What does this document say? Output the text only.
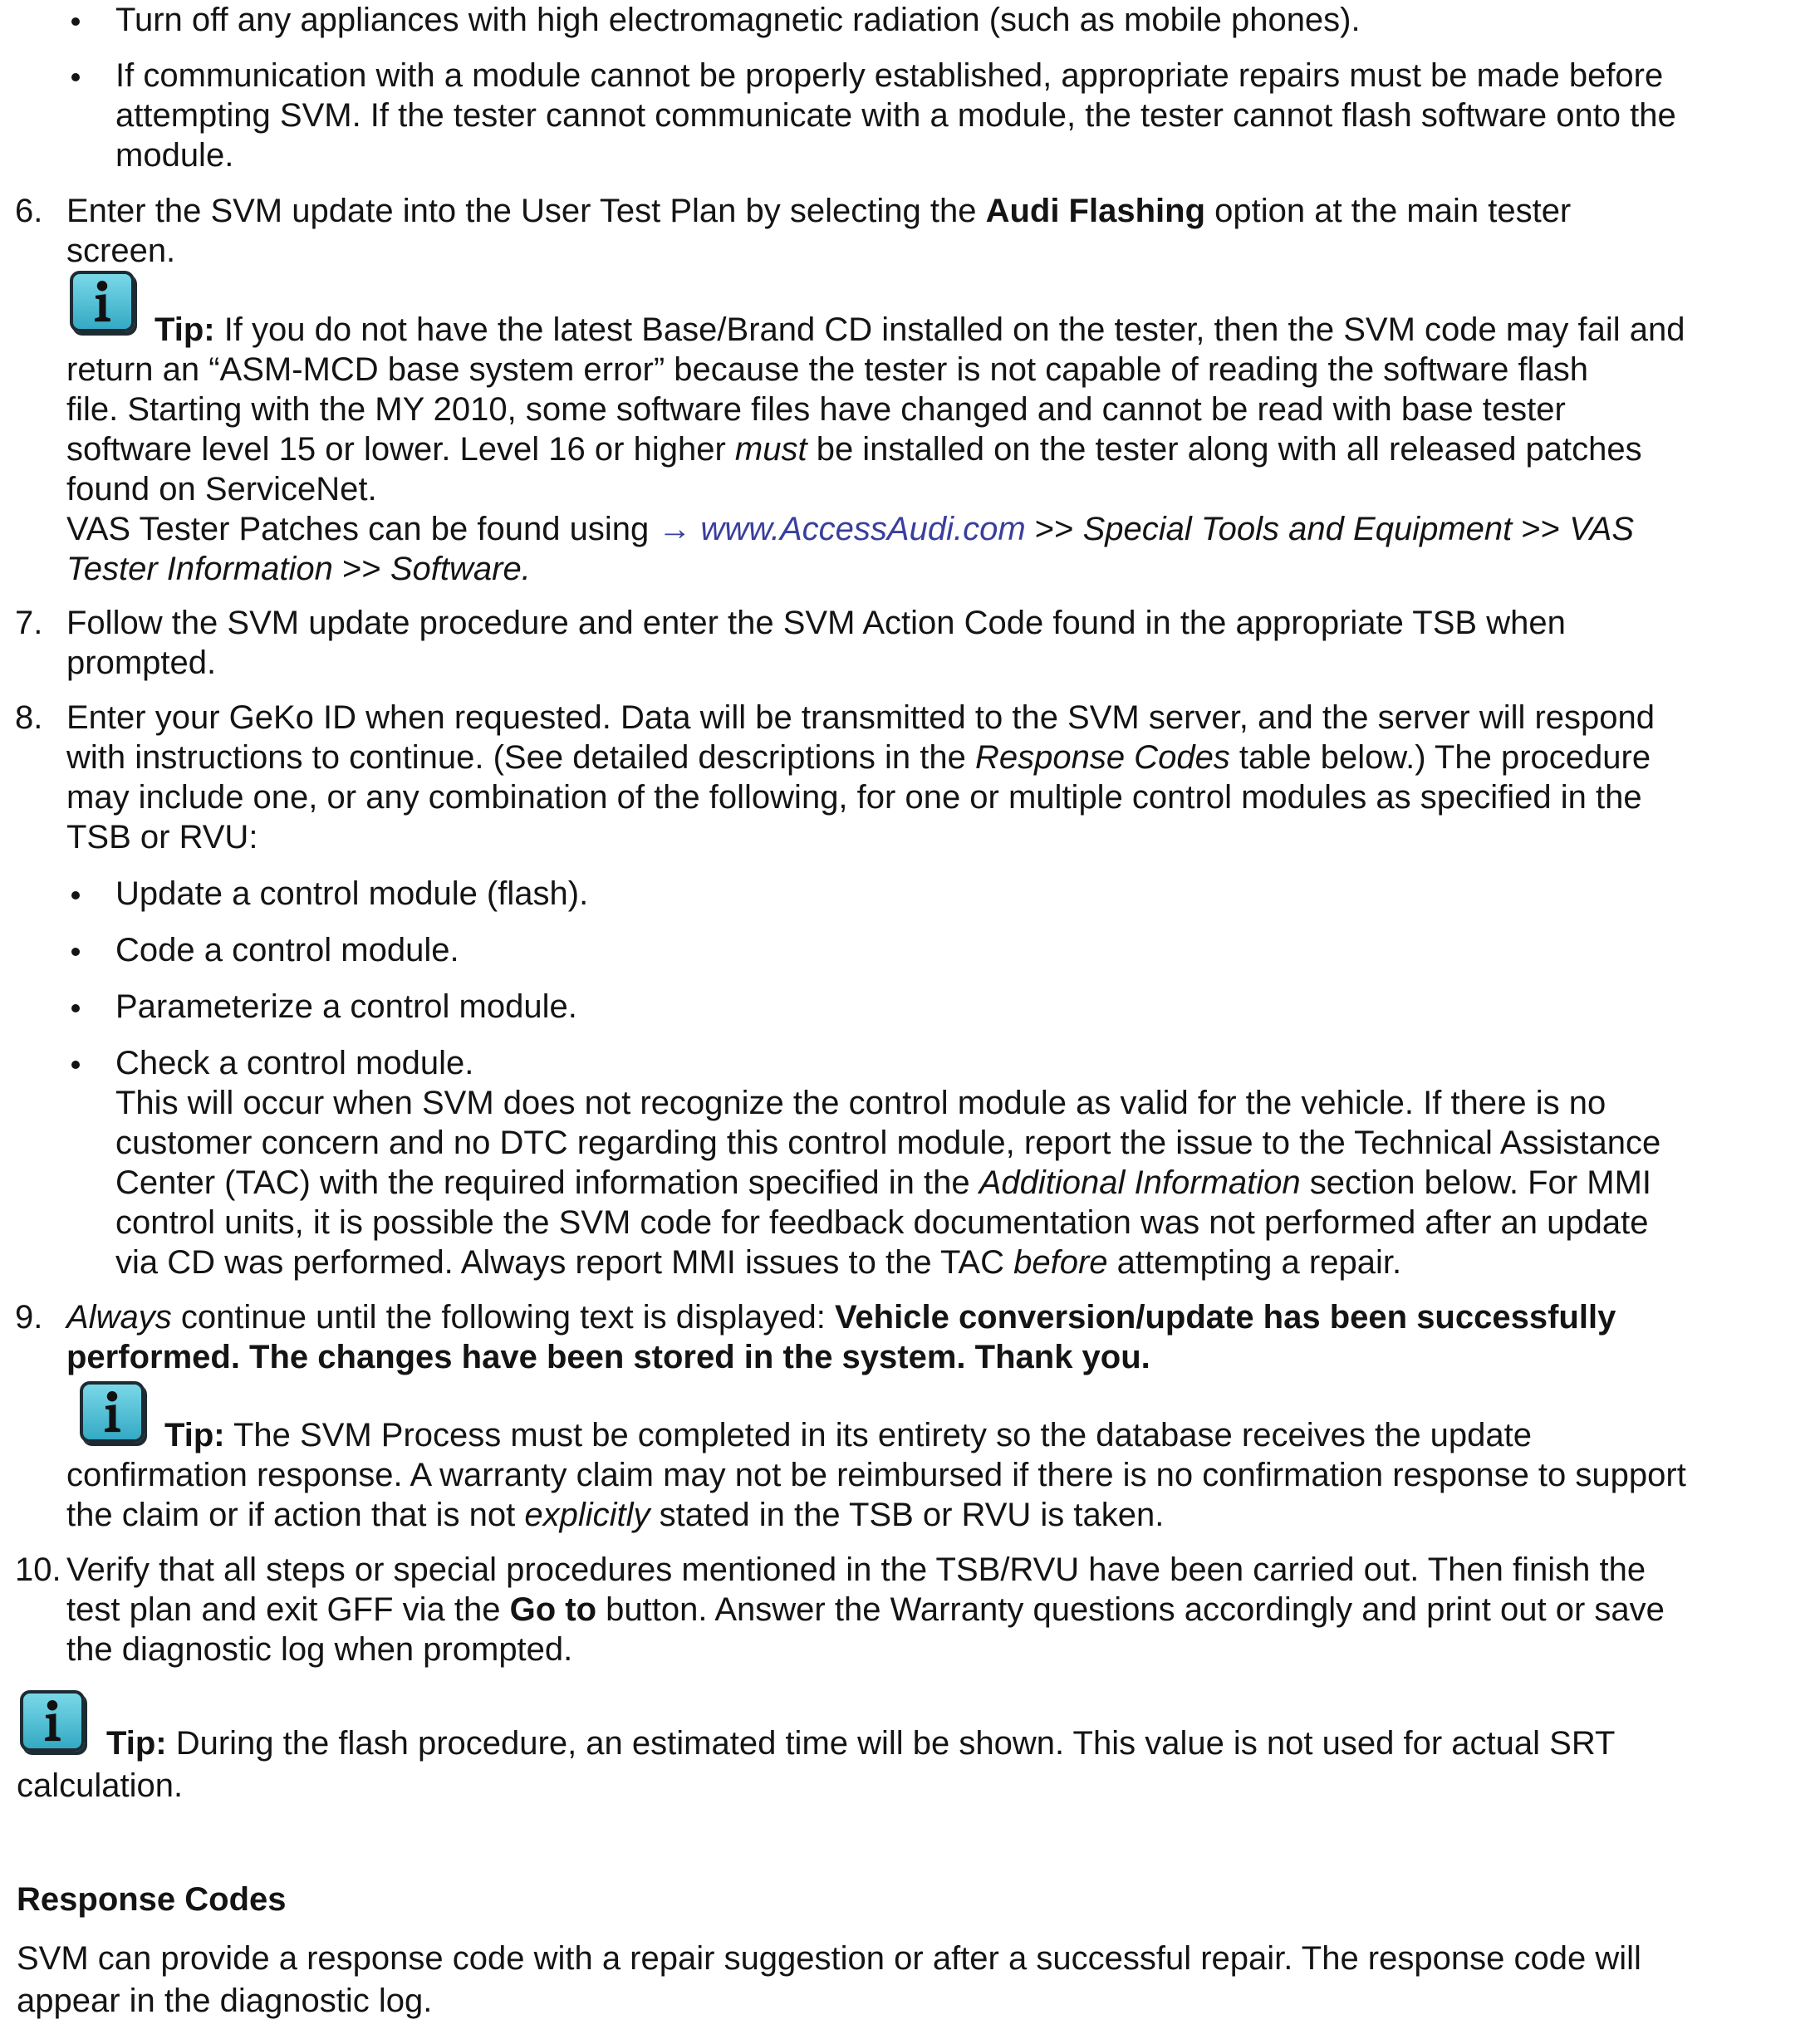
Turn off any appliances with high electromagnetic radiation (such as mobile phones).
If communication with a module cannot be properly established, appropriate repairs must be made before
attempting SVM. If the tester cannot communicate with a module, the tester cannot flash software onto the
module.
6. Enter the SVM update into the User Test Plan by selecting the Audi Flashing option at the main tester
screen.
Tip: If you do not have the latest Base/Brand CD installed on the tester, then the SVM code may fail and
return an “ASM-MCD base system error” because the tester is not capable of reading the software flash
file. Starting with the MY 2010, some software files have changed and cannot be read with base tester
software level 15 or lower. Level 16 or higher must be installed on the tester along with all released patches
found on ServiceNet.
VAS Tester Patches can be found using → www.AccessAudi.com >> Special Tools and Equipment >> VAS
Tester Information >> Software.
7. Follow the SVM update procedure and enter the SVM Action Code found in the appropriate TSB when
prompted.
8. Enter your GeKo ID when requested. Data will be transmitted to the SVM server, and the server will respond
with instructions to continue. (See detailed descriptions in the Response Codes table below.) The procedure
may include one, or any combination of the following, for one or multiple control modules as specified in the
TSB or RVU:
Update a control module (flash).
Code a control module.
Parameterize a control module.
Check a control module.
This will occur when SVM does not recognize the control module as valid for the vehicle. If there is no
customer concern and no DTC regarding this control module, report the issue to the Technical Assistance
Center (TAC) with the required information specified in the Additional Information section below. For MMI
control units, it is possible the SVM code for feedback documentation was not performed after an update
via CD was performed. Always report MMI issues to the TAC before attempting a repair.
9. Always continue until the following text is displayed: Vehicle conversion/update has been successfully
performed. The changes have been stored in the system. Thank you.
Tip: The SVM Process must be completed in its entirety so the database receives the update
confirmation response. A warranty claim may not be reimbursed if there is no confirmation response to support
the claim or if action that is not explicitly stated in the TSB or RVU is taken.
10. Verify that all steps or special procedures mentioned in the TSB/RVU have been carried out. Then finish the
test plan and exit GFF via the Go to button. Answer the Warranty questions accordingly and print out or save
the diagnostic log when prompted.
Tip: During the flash procedure, an estimated time will be shown. This value is not used for actual SRT
calculation.
Response Codes
SVM can provide a response code with a repair suggestion or after a successful repair. The response code will
appear in the diagnostic log.
